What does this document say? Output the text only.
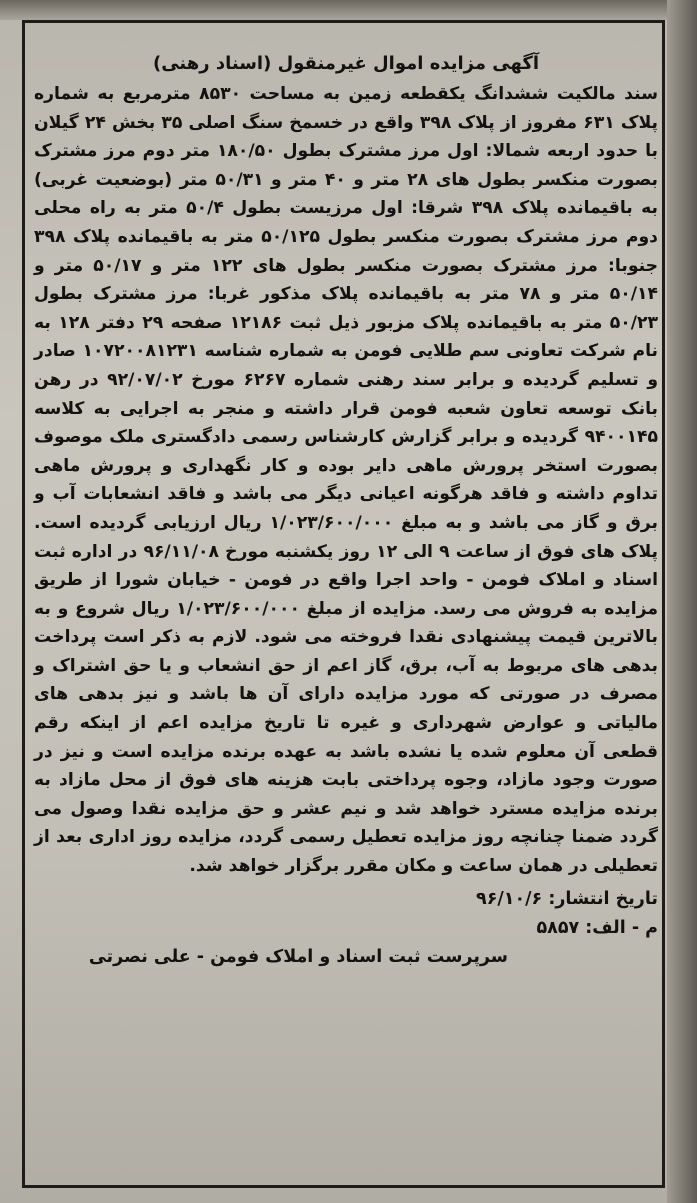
آگهی مزایده اموال غیرمنقول (اسناد رهنی)

سند مالکیت ششدانگ یکقطعه زمین به مساحت ۸۵۳۰ مترمربع به شماره پلاک ۶۳۱ مفروز از پلاک ۳۹۸ واقع در خسمخ سنگ اصلی ۳۵ بخش ۲۴ گیلان با حدود اربعه شمالا: اول مرز مشترک بطول ۱۸۰/۵۰ متر دوم مرز مشترک بصورت منکسر بطول های ۲۸ متر و ۴۰ متر و ۵۰/۳۱ متر (بوضعیت غربی) به باقیمانده پلاک ۳۹۸ شرقا: اول مرزیست بطول ۵۰/۴ متر به راه محلی دوم مرز مشترک بصورت منکسر بطول ۵۰/۱۲۵ متر به باقیمانده پلاک ۳۹۸ جنوبا: مرز مشترک بصورت منکسر بطول های ۱۲۲ متر و ۵۰/۱۷ متر و ۵۰/۱۴ متر و ۷۸ متر به باقیمانده پلاک مذکور غربا: مرز مشترک بطول ۵۰/۲۳ متر به باقیمانده پلاک مزبور ذیل ثبت ۱۲۱۸۶ صفحه ۲۹ دفتر ۱۲۸ به نام شرکت تعاونی سم طلایی فومن به شماره شناسه ۱۰۷۲۰۰۸۱۲۳۱ صادر و تسلیم گردیده و برابر سند رهنی شماره ۶۲۶۷ مورخ ۹۲/۰۷/۰۲ در رهن بانک توسعه تعاون شعبه فومن قرار داشته و منجر به اجرایی به کلاسه ۹۴۰۰۱۴۵ گردیده و برابر گزارش کارشناس رسمی دادگستری ملک موصوف بصورت استخر پرورش ماهی دایر بوده و کار نگهداری و پرورش ماهی تداوم داشته و فاقد هرگونه اعیانی دیگر می باشد و فاقد انشعابات آب و برق و گاز می باشد و به مبلغ ۱/۰۲۳/۶۰۰/۰۰۰ ریال ارزیابی گردیده است. پلاک های فوق از ساعت ۹ الی ۱۲ روز یکشنبه مورخ ۹۶/۱۱/۰۸ در اداره ثبت اسناد و املاک فومن - واحد اجرا واقع در فومن - خیابان شورا از طریق مزایده به فروش می رسد. مزایده از مبلغ ۱/۰۲۳/۶۰۰/۰۰۰ ریال شروع و به بالاترین قیمت پیشنهادی نقدا فروخته می شود. لازم به ذکر است پرداخت بدهی های مربوط به آب، برق، گاز اعم از حق انشعاب و یا حق اشتراک و مصرف در صورتی که مورد مزایده دارای آن ها باشد و نیز بدهی های مالیاتی و عوارض شهرداری و غیره تا تاریخ مزایده اعم از اینکه رقم قطعی آن معلوم شده یا نشده باشد به عهده برنده مزایده است و نیز در صورت وجود مازاد، وجوه پرداختی بابت هزینه های فوق از محل مازاد به برنده مزایده مسترد خواهد شد و نیم عشر و حق مزایده نقدا وصول می گردد ضمنا چنانچه روز مزایده تعطیل رسمی گردد، مزایده روز اداری بعد از تعطیلی در همان ساعت و مکان مقرر برگزار خواهد شد.

تاریخ انتشار: ۹۶/۱۰/۶
م - الف: ۵۸۵۷
سرپرست ثبت اسناد و املاک فومن - علی نصرتی
